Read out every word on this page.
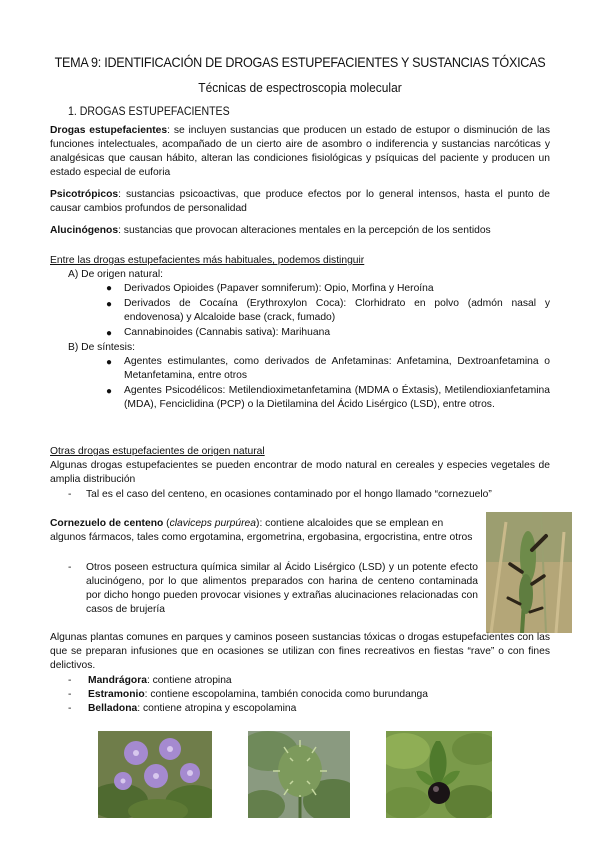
TEMA 9: IDENTIFICACIÓN DE DROGAS ESTUPEFACIENTES Y SUSTANCIAS TÓXICAS
Técnicas de espectroscopia molecular
1. DROGAS ESTUPEFACIENTES
Drogas estupefacientes: se incluyen sustancias que producen un estado de estupor o disminución de las funciones intelectuales, acompañado de un cierto aire de asombro o indiferencia y sustancias narcóticas y analgésicas que causan hábito, alteran las condiciones fisiológicas y psíquicas del paciente y producen un estado especial de euforia
Psicotrópicos: sustancias psicoactivas, que produce efectos por lo general intensos, hasta el punto de causar cambios profundos de personalidad
Alucinógenos: sustancias que provocan alteraciones mentales en la percepción de los sentidos
Entre las drogas estupefacientes más habituales, podemos distinguir
A) De origen natural:
● Derivados Opioides (Papaver somniferum): Opio, Morfina y Heroína
● Derivados de Cocaína (Erythroxylon Coca): Clorhidrato en polvo (admón nasal y endovenosa) y Alcaloide base (crack, fumado)
● Cannabinoides (Cannabis sativa): Marihuana
B) De síntesis:
● Agentes estimulantes, como derivados de Anfetaminas: Anfetamina, Dextroanfetamina o Metanfetamina, entre otros
● Agentes Psicodélicos: Metilendioximetanfetamina (MDMA o Éxtasis), Metilendioxianfetamina (MDA), Fenciclidina (PCP) o la Dietilamina del Ácido Lisérgico (LSD), entre otros.
Otras drogas estupefacientes de origen natural
Algunas drogas estupefacientes se pueden encontrar de modo natural en cereales y especies vegetales de amplia distribución
- Tal es el caso del centeno, en ocasiones contaminado por el hongo llamado “cornezuelo”
Cornezuelo de centeno (claviceps purpúrea): contiene alcaloides que se emplean en algunos fármacos, tales como ergotamina, ergometrina, ergobasina, ergocristina, entre otros
- Otros poseen estructura química similar al Ácido Lisérgico (LSD) y un potente efecto alucinógeno, por lo que alimentos preparados con harina de centeno contaminada por dicho hongo pueden provocar visiones y extrañas alucinaciones relacionadas con casos de brujería
Algunas plantas comunes en parques y caminos poseen sustancias tóxicas o drogas estupefacientes con las que se preparan infusiones que en ocasiones se utilizan con fines recreativos en fiestas “rave” o con fines delictivos.
- Mandrágora: contiene atropina
- Estramonio: contiene escopolamina, también conocida como burundanga
- Belladona: contiene atropina y escopolamina
